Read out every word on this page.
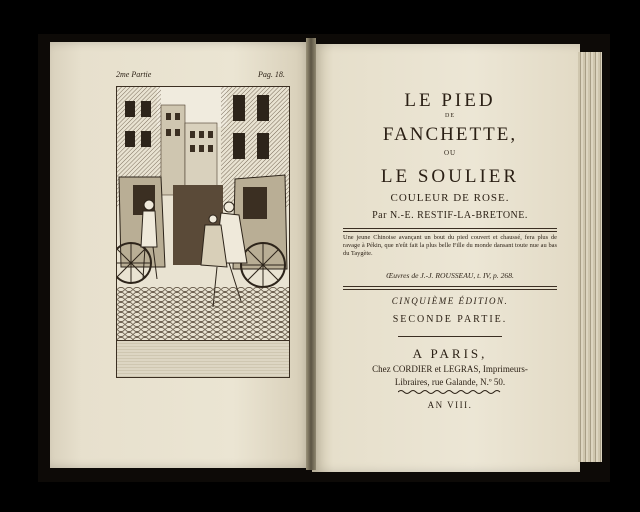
2me Partie	Pag. 18.
LE PIED
DE
FANCHETTE,
OU
LE SOULIER
COULEUR DE ROSE.
Par N.-E. RESTIF-LA-BRETONE.
Une jeune Chinoise avançant un bout du pied couvert et chaussé, fera plus de ravage à Pékin, que n'eût fait la plus belle Fille du monde dansant toute nue au bas du Taygète.
Œuvres de J.-J. ROUSSEAU, t. IV, p. 268.
CINQUIÈME ÉDITION.
SECONDE PARTIE.
A PARIS,
Chez CORDIER et LEGRAS, Imprimeurs-
Libraires, rue Galande, N.º 50.
AN VIII.
